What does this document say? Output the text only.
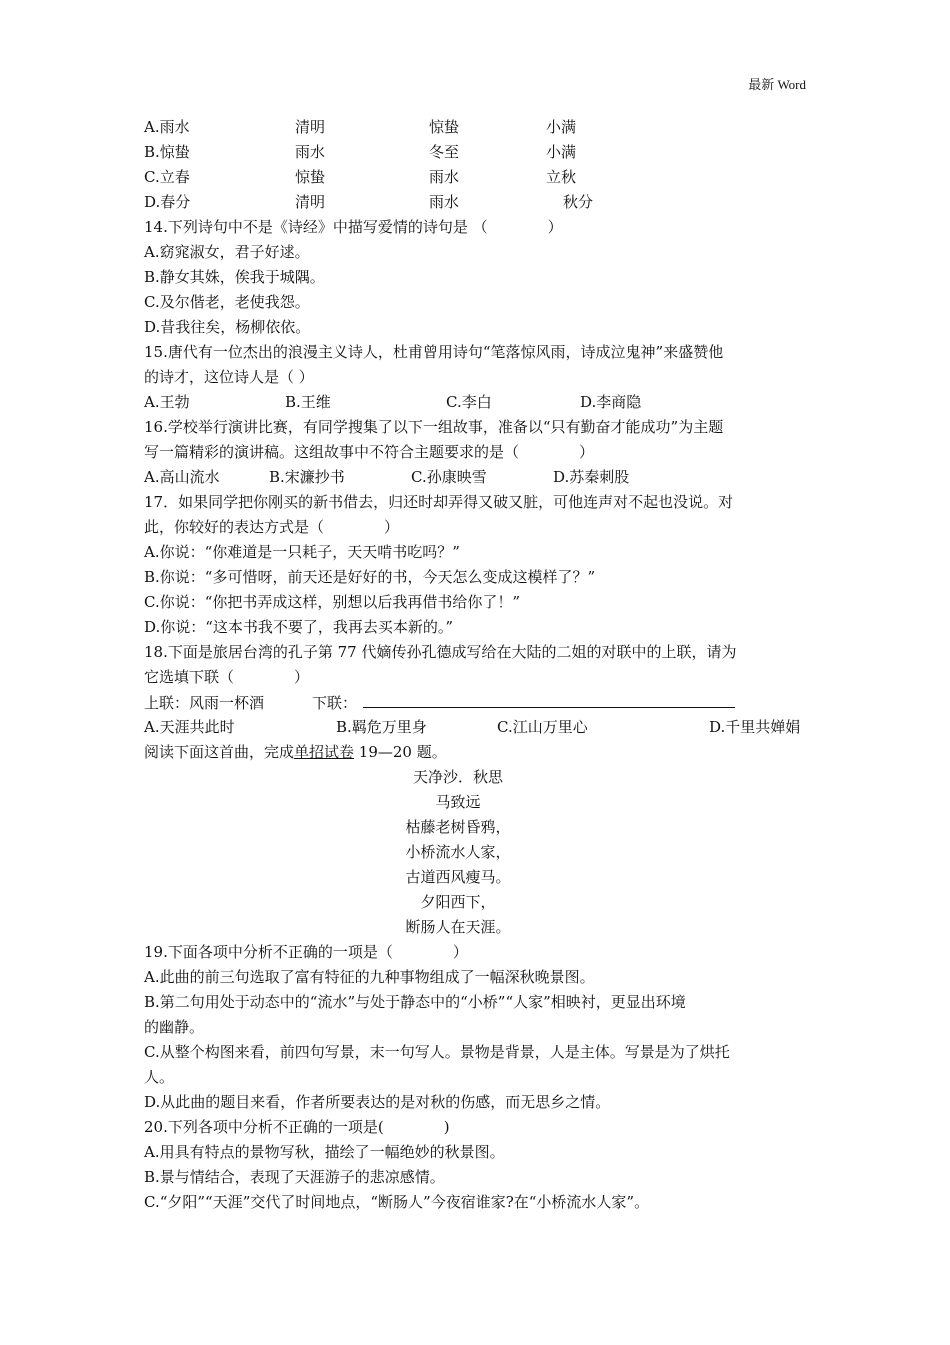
最新 Word
A.雨水	清明	惊蛰	小满
B.惊蛰	雨水	冬至	小满
C.立春	惊蛰	雨水	立秋
D.春分	清明	雨水	秋分
14.下列诗句中不是《诗经》中描写爱情的诗句是 （	）
A.窈窕淑女，君子好逑。
B.静女其姝，俟我于城隅。
C.及尔偕老，老使我怨。
D.昔我往矣，杨柳依依。
15.唐代有一位杰出的浪漫主义诗人，杜甫曾用诗句“笔落惊风雨，诗成泣鬼神”来盛赞他
的诗才，这位诗人是（ ）
A.王勃	B.王维	C.李白	D.李商隐
16.学校举行演讲比赛，有同学搜集了以下一组故事，准备以“只有勤奋才能成功”为主题
写一篇精彩的演讲稿。这组故事中不符合主题要求的是（	）
A.高山流水	B.宋濂抄书	C.孙康映雪	D.苏秦刺股
17．如果同学把你刚买的新书借去，归还时却弄得又破又脏，可他连声对不起也没说。对
此，你较好的表达方式是（	）
A.你说：“你难道是一只耗子，天天啃书吃吗？”
B.你说：“多可惜呀，前天还是好好的书，今天怎么变成这模样了？”
C.你说：“你把书弄成这样，别想以后我再借书给你了！”
D.你说：“这本书我不要了，我再去买本新的。”
18.下面是旅居台湾的孔子第 77 代嫡传孙孔德成写给在大陆的二姐的对联中的上联，请为
它选填下联（	）
上联：风雨一杯酒	下联：
A.天涯共此时	B.羁危万里身	C.江山万里心	D.千里共婵娟
阅读下面这首曲，完成单招试卷 19—20 题。
天净沙．秋思
马致远
枯藤老树昏鸦，
小桥流水人家，
古道西风瘦马。
夕阳西下，
断肠人在天涯。
19.下面各项中分析不正确的一项是（	）
A.此曲的前三句选取了富有特征的九种事物组成了一幅深秋晚景图。
B.第二句用处于动态中的“流水”与处于静态中的“小桥”“人家”相映衬，更显出环境
的幽静。
C.从整个构图来看，前四句写景，末一句写人。景物是背景，人是主体。写景是为了烘托
人。
D.从此曲的题目来看，作者所要表达的是对秋的伤感，而无思乡之情。
20.下列各项中分析不正确的一项是(	)
A.用具有特点的景物写秋，描绘了一幅绝妙的秋景图。
B.景与情结合，表现了天涯游子的悲凉感情。
C.“夕阳”“天涯”交代了时间地点，“断肠人”今夜宿谁家?在“小桥流水人家”。
